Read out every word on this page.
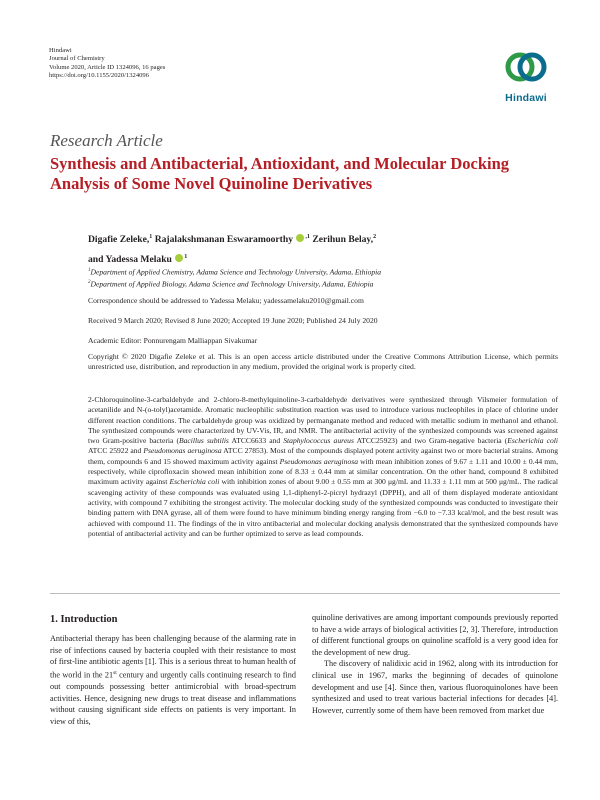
Hindawi
Journal of Chemistry
Volume 2020, Article ID 1324096, 16 pages
https://doi.org/10.1155/2020/1324096
Hindawi
Research Article
Synthesis and Antibacterial, Antioxidant, and Molecular Docking Analysis of Some Novel Quinoline Derivatives
Digafie Zeleke,$^1$ Rajalakshmanan Eswaramoorthy $^{,1}$ Zerihun Belay,$^2$
and Yadessa Melaku $^1$
$^1$Department of Applied Chemistry, Adama Science and Technology University, Adama, Ethiopia
$^2$Department of Applied Biology, Adama Science and Technology University, Adama, Ethiopia
Correspondence should be addressed to Yadessa Melaku; yadessamelaku2010@gmail.com
Received 9 March 2020; Revised 8 June 2020; Accepted 19 June 2020; Published 24 July 2020
Academic Editor: Ponnurengam Malliappan Sivakumar
Copyright © 2020 Digafie Zeleke et al. This is an open access article distributed under the Creative Commons Attribution License, which permits unrestricted use, distribution, and reproduction in any medium, provided the original work is properly cited.
2-Chloroquinoline-3-carbaldehyde and 2-chloro-8-methylquinoline-3-carbaldehyde derivatives were synthesized through Vilsmeier formulation of acetanilide and N-(o-tolyl)acetamide. Aromatic nucleophilic substitution reaction was used to introduce various nucleophiles in place of chlorine under different reaction conditions. The carbaldehyde group was oxidized by permanganate method and reduced with metallic sodium in methanol and ethanol. The synthesized compounds were characterized by UV-Vis, IR, and NMR. The antibacterial activity of the synthesized compounds was screened against two Gram-positive bacteria (Bacillus subtilis ATCC6633 and Staphylococcus aureus ATCC25923) and two Gram-negative bacteria (Escherichia coli ATCC 25922 and Pseudomonas aeruginosa ATCC 27853). Most of the compounds displayed potent activity against two or more bacterial strains. Among them, compounds 6 and 15 showed maximum activity against Pseudomonas aeruginosa with mean inhibition zones of 9.67 ± 1.11 and 10.00 ± 0.44 mm, respectively, while ciprofloxacin showed mean inhibition zone of 8.33 ± 0.44 mm at similar concentration. On the other hand, compound 8 exhibited maximum activity against Escherichia coli with inhibition zones of about 9.00 ± 0.55 mm at 300 μg/mL and 11.33 ± 1.11 mm at 500 μg/mL. The radical scavenging activity of these compounds was evaluated using 1,1-diphenyl-2-picryl hydrazyl (DPPH), and all of them displayed moderate antioxidant activity, with compound 7 exhibiting the strongest activity. The molecular docking study of the synthesized compounds was conducted to investigate their binding pattern with DNA gyrase, all of them were found to have minimum binding energy ranging from −6.0 to −7.33 kcal/mol, and the best result was achieved with compound 11. The findings of the in vitro antibacterial and molecular docking analysis demonstrated that the synthesized compounds have potential of antibacterial activity and can be further optimized to serve as lead compounds.
1. Introduction
Antibacterial therapy has been challenging because of the alarming rate in rise of infections caused by bacteria coupled with their resistance to most of first-line antibiotic agents [1]. This is a serious threat to human health of the world in the 21st century and urgently calls continuing research to find out compounds possessing better antimicrobial with broad-spectrum activities. Hence, designing new drugs to treat disease and inflammations without causing significant side effects on patients is very important. In view of this,

quinoline derivatives are among important compounds previously reported to have a wide arrays of biological activities [2, 3]. Therefore, introduction of different functional groups on quinoline scaffold is a very good idea for the development of new drug.

The discovery of nalidixic acid in 1962, along with its introduction for clinical use in 1967, marks the beginning of decades of quinolone development and use [4]. Since then, various fluoroquinolones have been synthesized and used to treat various bacterial infections for decades [4]. However, currently some of them have been removed from market due
